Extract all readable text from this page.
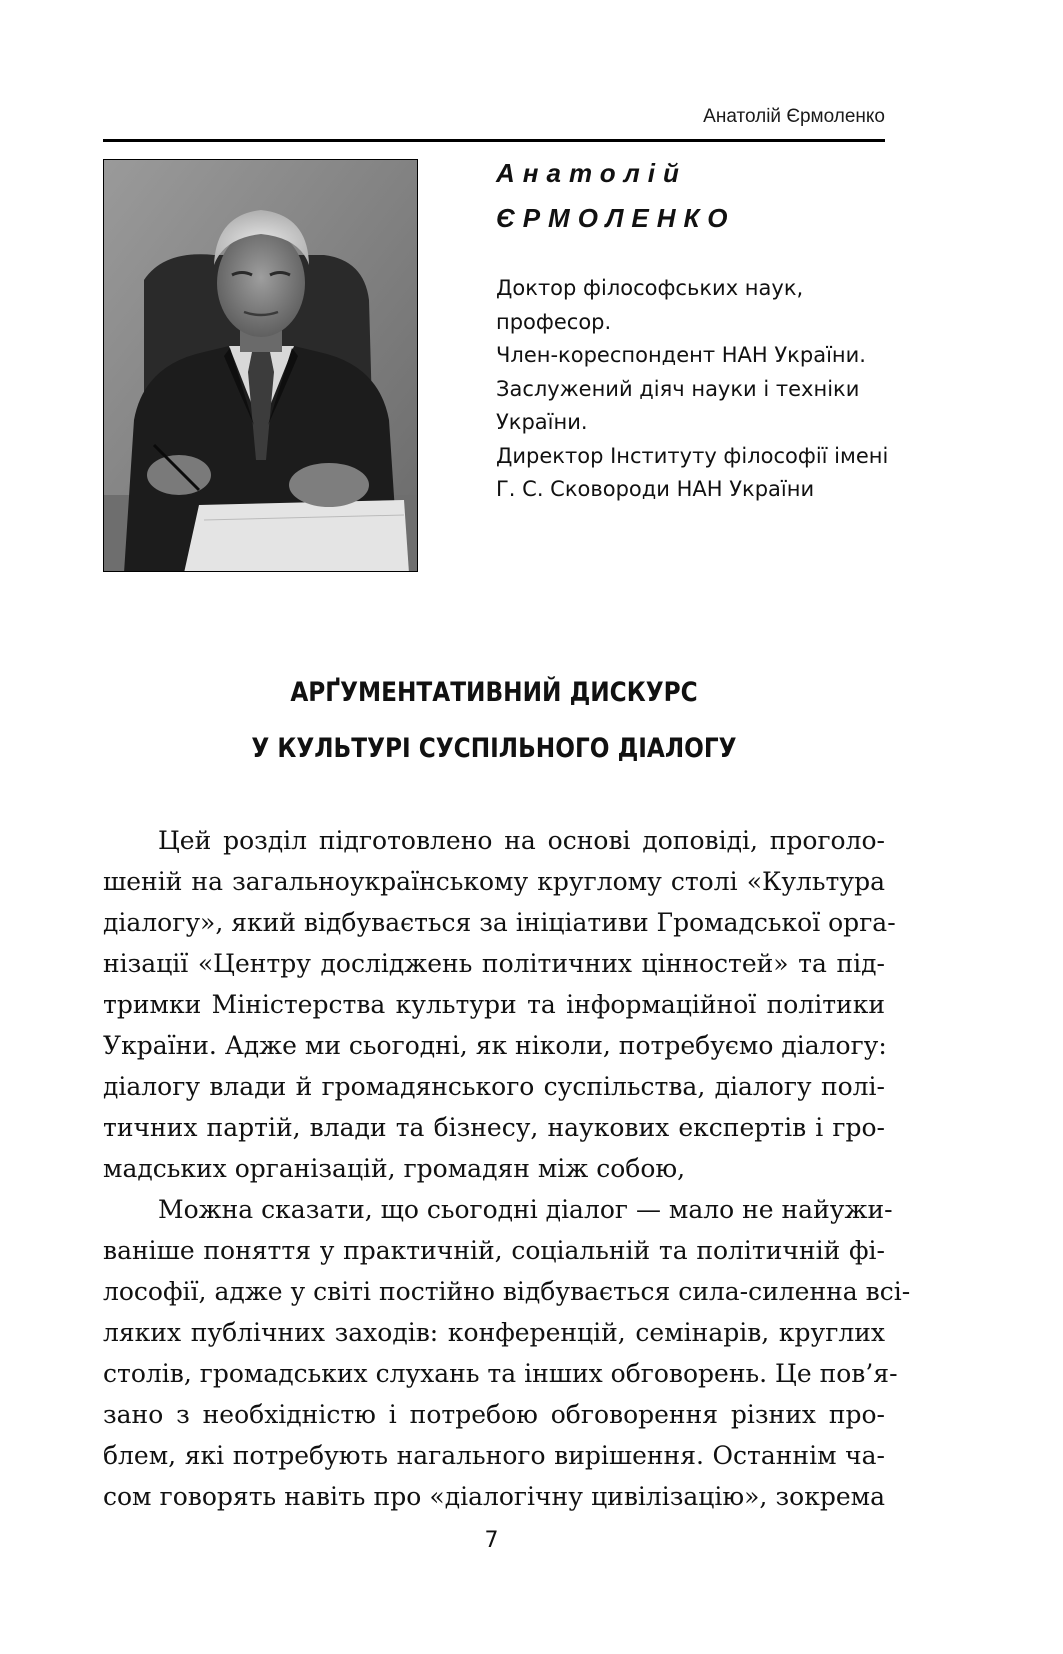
Анатолій Єрмоленко
Анатолій
ЄРМОЛЕНКО
Доктор філософських наук,
професор.
Член-кореспондент НАН України.
Заслужений діяч науки і техніки
України.
Директор Інституту філософії імені
Г. С. Сковороди НАН України
АРҐУМЕНТАТИВНИЙ ДИСКУРС
У КУЛЬТУРІ СУСПІЛЬНОГО ДІАЛОГУ
Цей розділ підготовлено на основі доповіді, проголо-
шеній на загальноукраїнському круглому столі «Культура
діалогу», який відбувається за ініціативи Громадської орга-
нізації «Центру досліджень політичних цінностей» та під-
тримки Міністерства культури та інформаційної політики
України. Адже ми сьогодні, як ніколи, потребуємо діалогу:
діалогу влади й громадянського суспільства, діалогу полі-
тичних партій, влади та бізнесу, наукових експертів і гро-
мадських організацій, громадян між собою,
Можна сказати, що сьогодні діалог — мало не найужи-
ваніше поняття у практичній, соціальній та політичній фі-
лософії, адже у світі постійно відбувається сила-силенна всі-
ляких публічних заходів: конференцій, семінарів, круглих
столів, громадських слухань та інших обговорень. Це пов’я-
зано з необхідністю і потребою обговорення різних про-
блем, які потребують нагального вирішення. Останнім ча-
сом говорять навіть про «діалогічну цивілізацію», зокрема
7
